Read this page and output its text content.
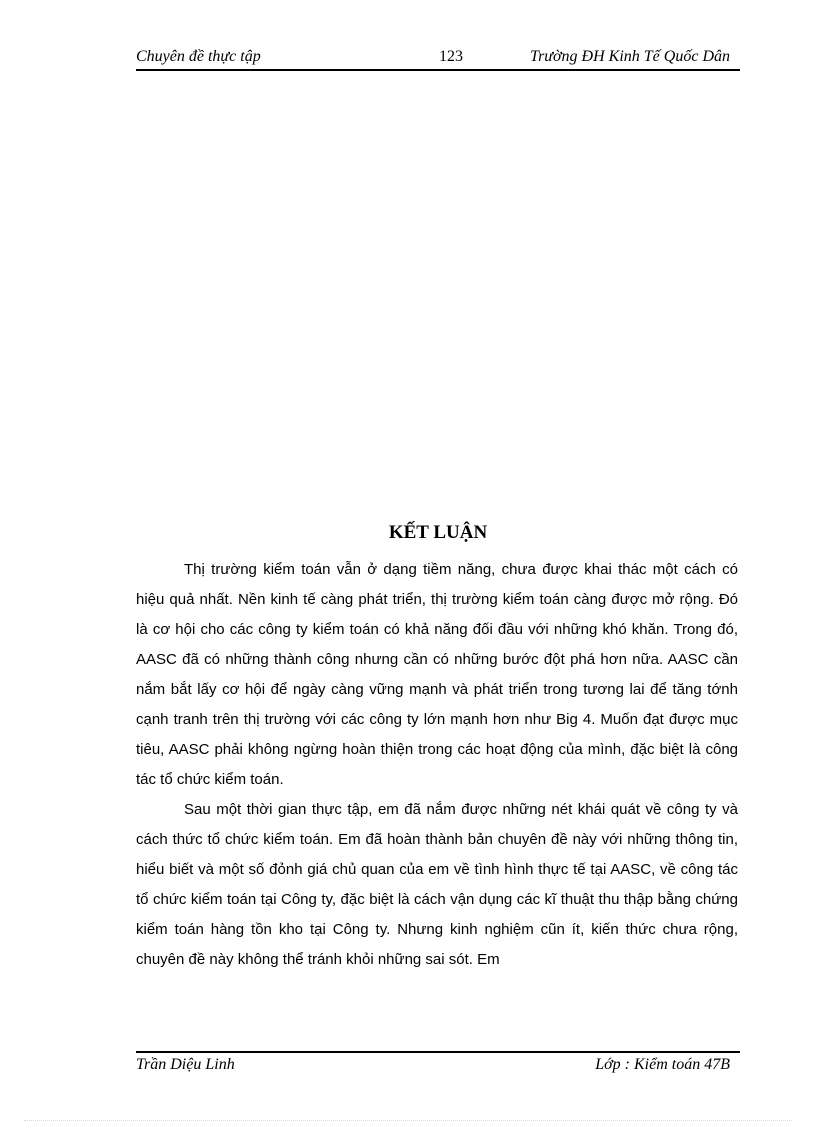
Chuyên đề thực tập	123	Trường ĐH Kinh Tế Quốc Dân
KẾT LUẬN

Thị trường kiểm toán vẫn ở dạng tiềm năng, chưa được khai thác một cách có hiệu quả nhất. Nền kinh tế càng phát triển, thị trường kiểm toán càng được mở rộng. Đó là cơ hội cho các công ty kiểm toán có khả năng đối đầu với những khó khăn. Trong đó, AASC đã có những thành công nhưng cần có những bước đột phá hơn nữa. AASC cần nắm bắt lấy cơ hội để ngày càng vững mạnh và phát triển trong tương lai để tăng tớnh cạnh tranh trên thị trường với các công ty lớn mạnh hơn như Big 4. Muốn đạt được mục tiêu, AASC phải không ngừng hoàn thiện trong các hoạt động của mình, đặc biệt là công tác tổ chức kiểm toán.

Sau một thời gian thực tập, em đã nắm được những nét khái quát về công ty và cách thức tổ chức kiểm toán. Em đã hoàn thành bản chuyên đề này với những thông tin, hiểu biết và một số đỏnh giá chủ quan của em về tình hình thực tế tại AASC, về công tác tổ chức kiểm toán tại Công ty, đặc biệt là cách vận dụng các kĩ thuật thu thập bằng chứng kiểm toán hàng tồn kho tại Công ty. Nhưng kinh nghiệm cũn ít, kiến thức chưa rộng, chuyên đề này không thể tránh khỏi những sai sót. Em

Trần Diệu Linh	Lớp : Kiểm toán 47B
